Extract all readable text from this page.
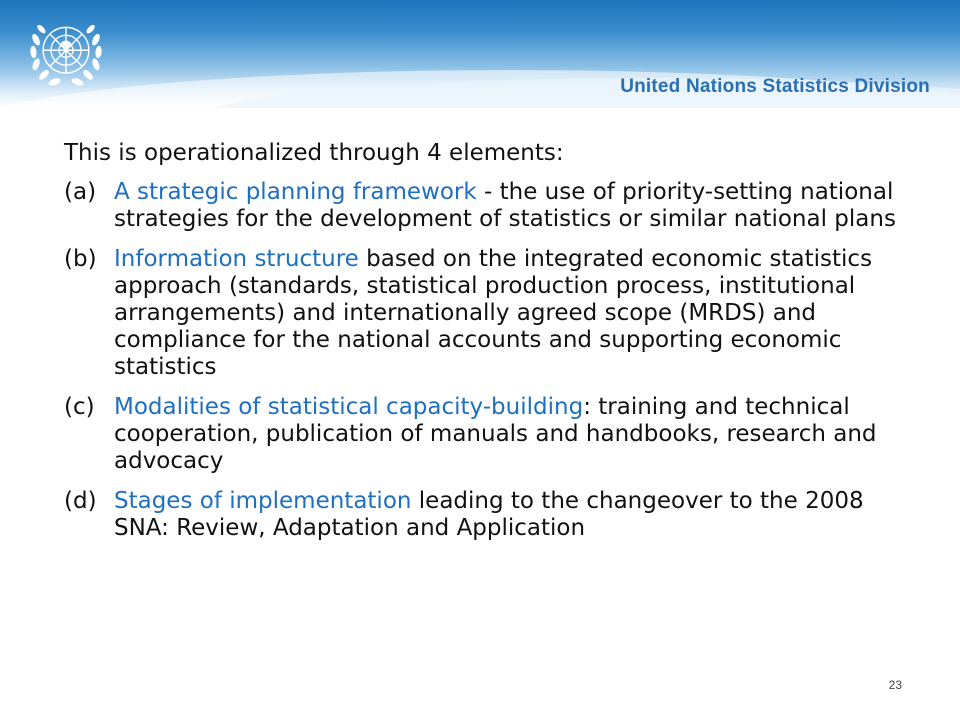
United Nations Statistics Division

This is operationalized through 4 elements:

(a) A strategic planning framework - the use of priority-setting national strategies for the development of statistics or similar national plans
(b) Information structure based on the integrated economic statistics approach (standards, statistical production process, institutional arrangements) and internationally agreed scope (MRDS) and compliance for the national accounts and supporting economic statistics
(c) Modalities of statistical capacity-building: training and technical cooperation, publication of manuals and handbooks, research and advocacy
(d) Stages of implementation leading to the changeover to the 2008 SNA: Review, Adaptation and Application
23
